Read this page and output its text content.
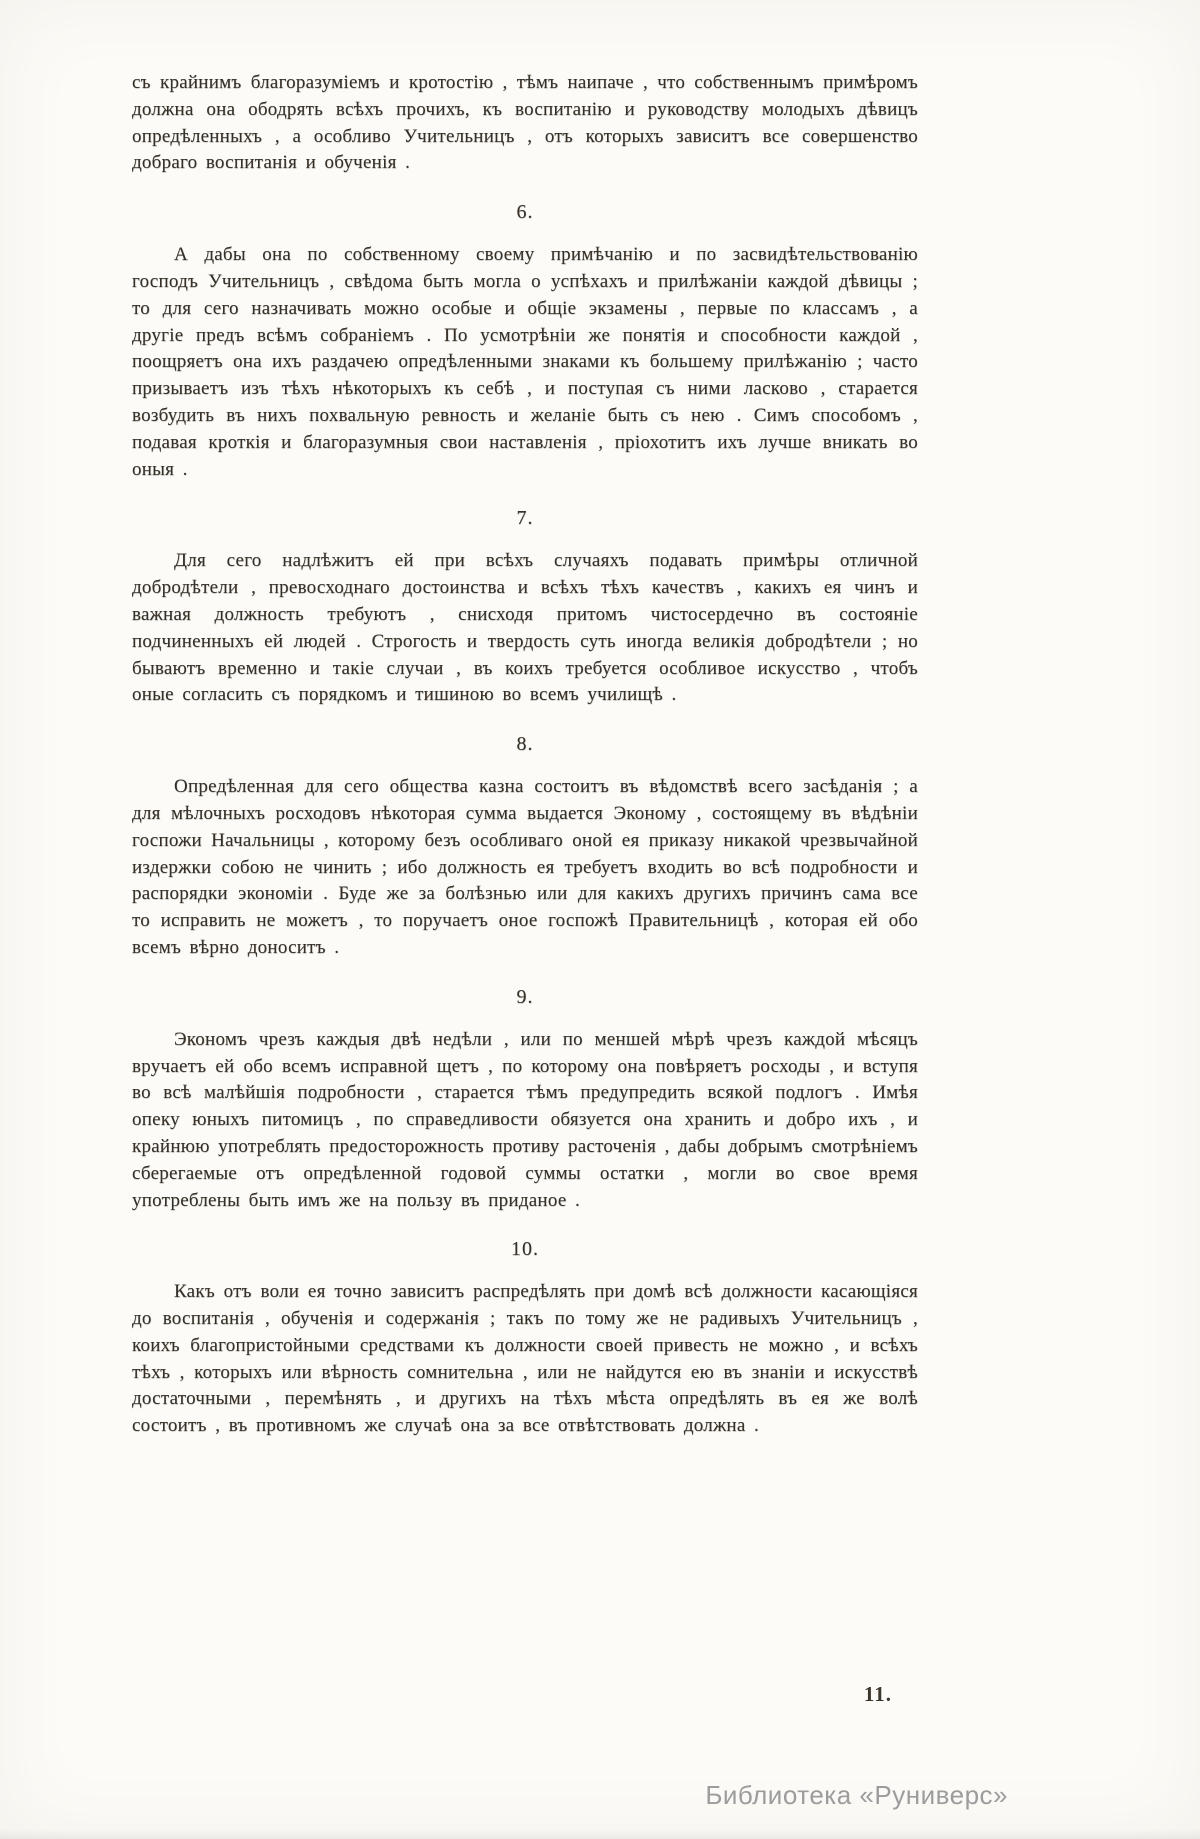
съ крайнимъ благоразумiемъ и кротостiю , тѣмъ наипаче , что собственнымъ примѣромъ должна она ободрять всѣхъ прочихъ, къ воспитанiю и руководству молодыхъ дѣвицъ опредѣленныхъ , а особливо Учительницъ , отъ которыхъ зависитъ все совершенство добраго воспитанiя и обученiя .

6.

А дабы она по собственному своему примѣчанiю и по засвидѣтельствованiю господъ Учительницъ , свѣдома быть могла о успѣхахъ и прилѣжанiи каждой дѣвицы ; то для сего назначивать можно особые и общiе экзамены , первые по классамъ , а другiе предъ всѣмъ собранiемъ . По усмотрѣнiи же понятiя и способности каждой , поощряетъ она ихъ раздачею опредѣленными знаками къ большему прилѣжанiю ; часто призываетъ изъ тѣхъ нѣкоторыхъ къ себѣ , и поступая съ ними ласково , старается возбудить въ нихъ похвальную ревность и желанiе быть съ нею . Симъ способомъ , подавая кроткiя и благоразумныя свои наставленiя , прiохотитъ ихъ лучше вникать во оныя .

7.

Для сего надлѣжитъ ей при всѣхъ случаяхъ подавать примѣры отличной добродѣтели , превосходнаго достоинства и всѣхъ тѣхъ качествъ , какихъ ея чинъ и важная должность требуютъ , снисходя притомъ чистосердечно въ состоянiе подчиненныхъ ей людей . Строгость и твердость суть иногда великiя добродѣтели ; но бываютъ временно и такiе случаи , въ коихъ требуется особливое искусство , чтобъ оные согласить съ порядкомъ и тишиною во всемъ училищѣ .

8.

Опредѣленная для сего общества казна состоитъ въ вѣдомствѣ всего засѣданiя ; а для мѣлочныхъ росходовъ нѣкоторая сумма выдается Эконому , состоящему въ вѣдѣнiи госпожи Начальницы , которому безъ особливаго оной ея приказу никакой чрезвычайной издержки собою не чинить ; ибо должность ея требуетъ входить во всѣ подробности и распорядки экономiи . Буде же за болѣзнью или для какихъ другихъ причинъ сама все то исправить не можетъ , то поручаетъ оное госпожѣ Правительницѣ , которая ей обо всемъ вѣрно доноситъ .

9.

Экономъ чрезъ каждыя двѣ недѣли , или по меншей мѣрѣ чрезъ каждой мѣсяцъ вручаетъ ей обо всемъ исправной щетъ , по которому она повѣряетъ росходы , и вступя во всѣ малѣйшiя подробности , старается тѣмъ предупредить всякой подлогъ . Имѣя опеку юныхъ питомицъ , по справедливости обязуется она хранить и добро ихъ , и крайнюю употреблять предосторожность противу расточенiя , дабы добрымъ смотрѣнiемъ сберегаемые отъ опредѣленной годовой суммы остатки , могли во свое время употреблены быть имъ же на пользу въ приданое .

10.

Какъ отъ воли ея точно зависитъ распредѣлять при домѣ всѣ должности касающiяся до воспитанiя , обученiя и содержанiя ; такъ по тому же не радивыхъ Учительницъ , коихъ благопристойными средствами къ должности своей привесть не можно , и всѣхъ тѣхъ , которыхъ или вѣрность сомнительна , или не найдутся ею въ знанiи и искусствѣ достаточными , перемѣнять , и другихъ на тѣхъ мѣста опредѣлять въ ея же волѣ состоитъ , въ противномъ же случаѣ она за все отвѣтствовать должна .

11.
Библиотека «Руниверс»
